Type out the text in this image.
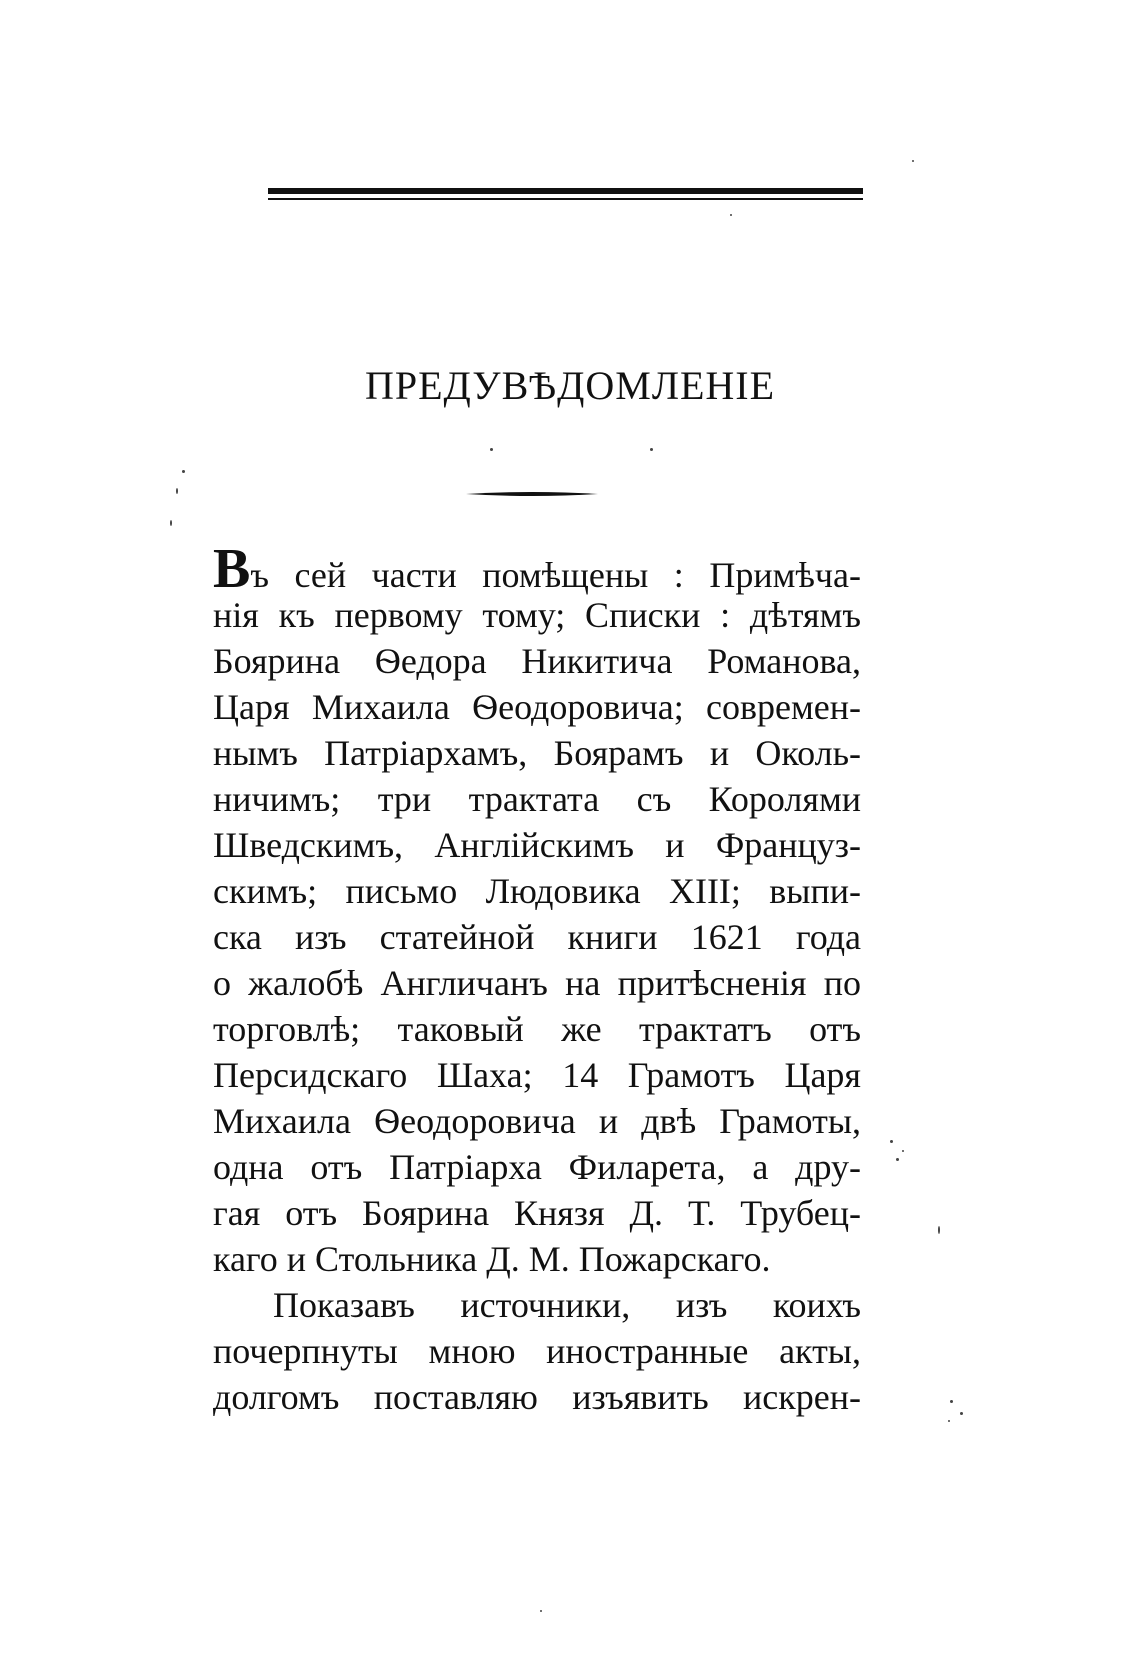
ПРЕДУВѢДОМЛЕНІЕ
Въ сей части помѣщены : Примѣча-
нія къ первому тому; Списки : дѣтямъ
Боярина Ѳедора Никитича Романова,
Царя Михаила Ѳеодоровича; современ-
нымъ Патріархамъ, Боярамъ и Околь-
ничимъ; три трактата съ Королями
Шведскимъ, Англійскимъ и Француз-
скимъ; письмо Людовика XIII; выпи-
ска изъ статейной книги 1621 года
о жалобѣ Англичанъ на притѣсненія по
торговлѣ; таковый же трактатъ отъ
Персидскаго Шаха; 14 Грамотъ Царя
Михаила Ѳеодоровича и двѣ Грамоты,
одна отъ Патріарха Филарета, а дру-
гая отъ Боярина Князя Д. Т. Трубец-
каго и Стольника Д. М. Пожарскаго.
Показавъ источники, изъ коихъ
почерпнуты мною иностранные акты,
долгомъ поставляю изъявить искрен-
